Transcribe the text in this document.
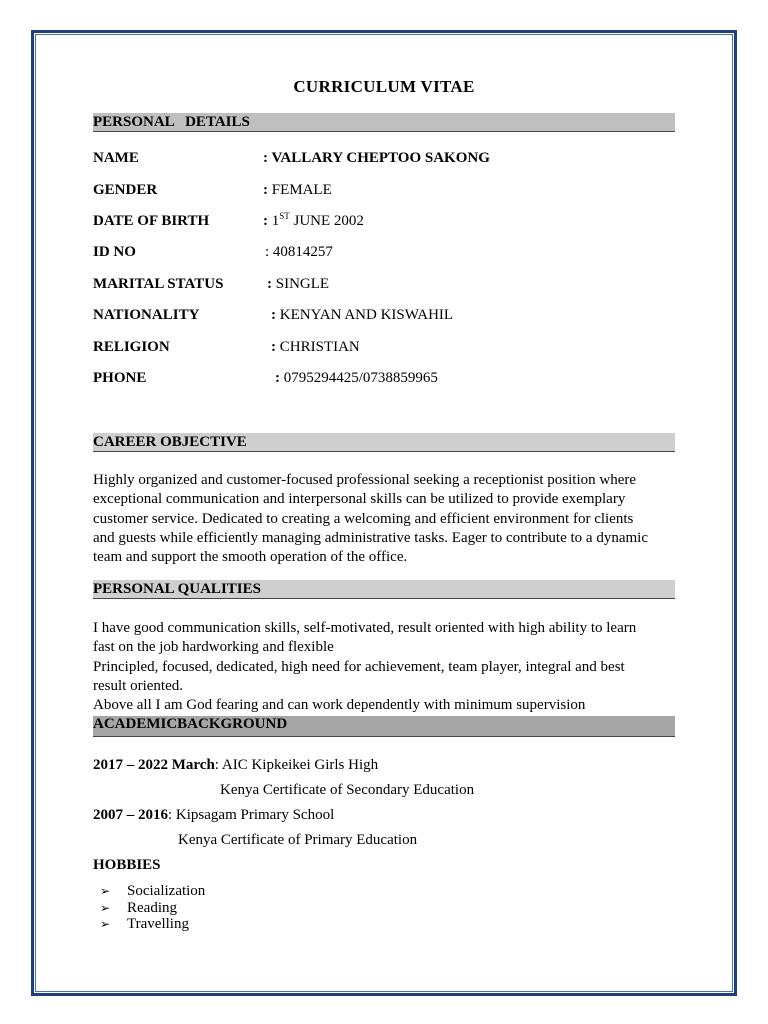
CURRICULUM VITAE
PERSONAL   DETAILS
NAME	: VALLARY CHEPTOO SAKONG
GENDER	: FEMALE
DATE OF BIRTH	: 1ST JUNE 2002
ID NO	: 40814257
MARITAL STATUS	: SINGLE
NATIONALITY	: KENYAN AND KISWAHIL
RELIGION	: CHRISTIAN
PHONE	: 0795294425/0738859965
CAREER OBJECTIVE
Highly organized and customer-focused professional seeking a receptionist position where
exceptional communication and interpersonal skills can be utilized to provide exemplary
customer service. Dedicated to creating a welcoming and efficient environment for clients
and guests while efficiently managing administrative tasks. Eager to contribute to a dynamic
team and support the smooth operation of the office.
PERSONAL QUALITIES
I have good communication skills, self-motivated, result oriented with high ability to learn
fast on the job hardworking and flexible
Principled, focused, dedicated, high need for achievement, team player, integral and best
result oriented.
Above all I am God fearing and can work dependently with minimum supervision
ACADEMICBACKGROUND
2017 – 2022 March: AIC Kipkeikei Girls High
Kenya Certificate of Secondary Education
2007 – 2016: Kipsagam Primary School
Kenya Certificate of Primary Education
HOBBIES
➢ Socialization
➢ Reading
➢ Travelling
